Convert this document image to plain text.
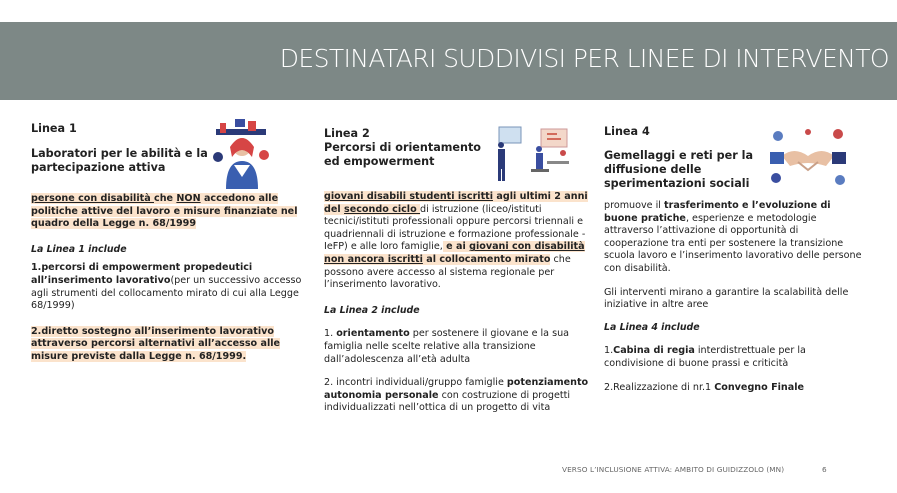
DESTINATARI SUDDIVISI PER LINEE DI INTERVENTO

Linea 1

Laboratori per le abilità e la partecipazione attiva

persone con disabilità che NON accedono alle politiche attive del lavoro e misure finanziate nel quadro della Legge n. 68/1999

La Linea 1 include

1.percorsi di empowerment propedeutici all’inserimento lavorativo(per un successivo accesso agli strumenti del collocamento mirato di cui alla Legge 68/1999)

2.diretto sostegno all’inserimento lavorativo attraverso percorsi alternativi all’accesso alle misure previste dalla Legge n. 68/1999.

Linea 2

Percorsi di orientamento ed empowerment

giovani disabili studenti iscritti agli ultimi 2 anni del secondo ciclo di istruzione (liceo/istituti tecnici/istituti professionali oppure percorsi triennali e quadriennali di istruzione e formazione professionale -IeFP) e alle loro famiglie, e ai giovani con disabilità non ancora iscritti al collocamento mirato che possono avere accesso al sistema regionale per l’inserimento lavorativo.

La Linea 2 include

1. orientamento per sostenere il giovane e la sua famiglia nelle scelte relative alla transizione dall’adolescenza all’età adulta

2. incontri individuali/gruppo famiglie potenziamento autonomia personale con costruzione di progetti individualizzati nell’ottica di un progetto di vita

Linea 4

Gemellaggi e reti per la diffusione delle sperimentazioni sociali

promuove il trasferimento e l’evoluzione di buone pratiche, esperienze e metodologie attraverso l’attivazione di opportunità di cooperazione tra enti per sostenere la transizione scuola lavoro e l’inserimento lavorativo delle persone con disabilità.

Gli interventi mirano a garantire la scalabilità delle iniziative in altre aree

La Linea 4 include

1.Cabina di regia interdistrettuale per la condivisione di buone prassi e criticità

2.Realizzazione di nr.1 Convegno Finale

VERSO L’INCLUSIONE ATTIVA: AMBITO DI GUIDIZZOLO (MN)	6
